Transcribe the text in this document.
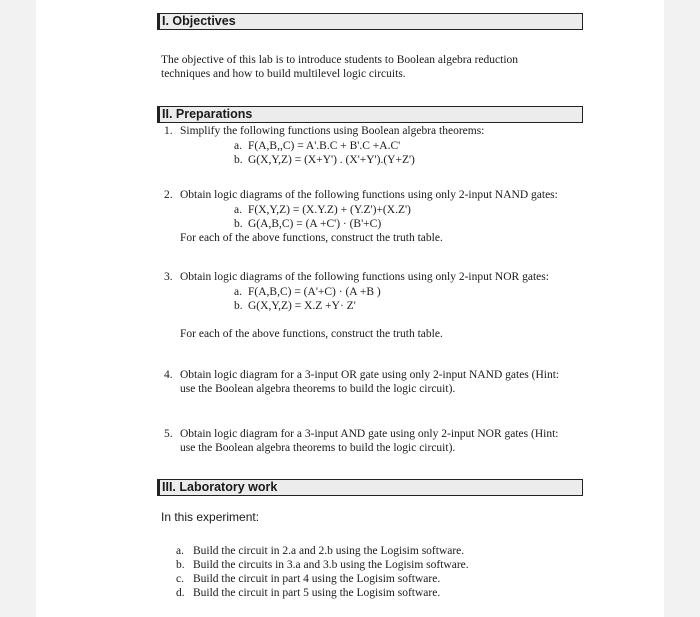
I. Objectives
The objective of this lab is to introduce students to Boolean algebra reduction
techniques and how to build multilevel logic circuits.
II. Preparations
1. Simplify the following functions using Boolean algebra theorems:
a. F(A,B,,C) = A'.B.C + B'.C +A.C'
b. G(X,Y,Z) = (X+Y') . (X'+Y').(Y+Z')
2. Obtain logic diagrams of the following functions using only 2-input NAND gates:
a. F(X,Y,Z) = (X.Y.Z) + (Y.Z')+(X.Z')
b. G(A,B,C) = (A +C') · (B'+C)
For each of the above functions, construct the truth table.
3. Obtain logic diagrams of the following functions using only 2-input NOR gates:
a. F(A,B,C) = (A'+C) · (A +B )
b. G(X,Y,Z) = X.Z +Y· Z'
For each of the above functions, construct the truth table.
4. Obtain logic diagram for a 3-input OR gate using only 2-input NAND gates (Hint:
use the Boolean algebra theorems to build the logic circuit).
5. Obtain logic diagram for a 3-input AND gate using only 2-input NOR gates (Hint:
use the Boolean algebra theorems to build the logic circuit).
III. Laboratory work
In this experiment:
a. Build the circuit in 2.a and 2.b using the Logisim software.
b. Build the circuits in 3.a and 3.b using the Logisim software.
c. Build the circuit in part 4 using the Logisim software.
d. Build the circuit in part 5 using the Logisim software.
